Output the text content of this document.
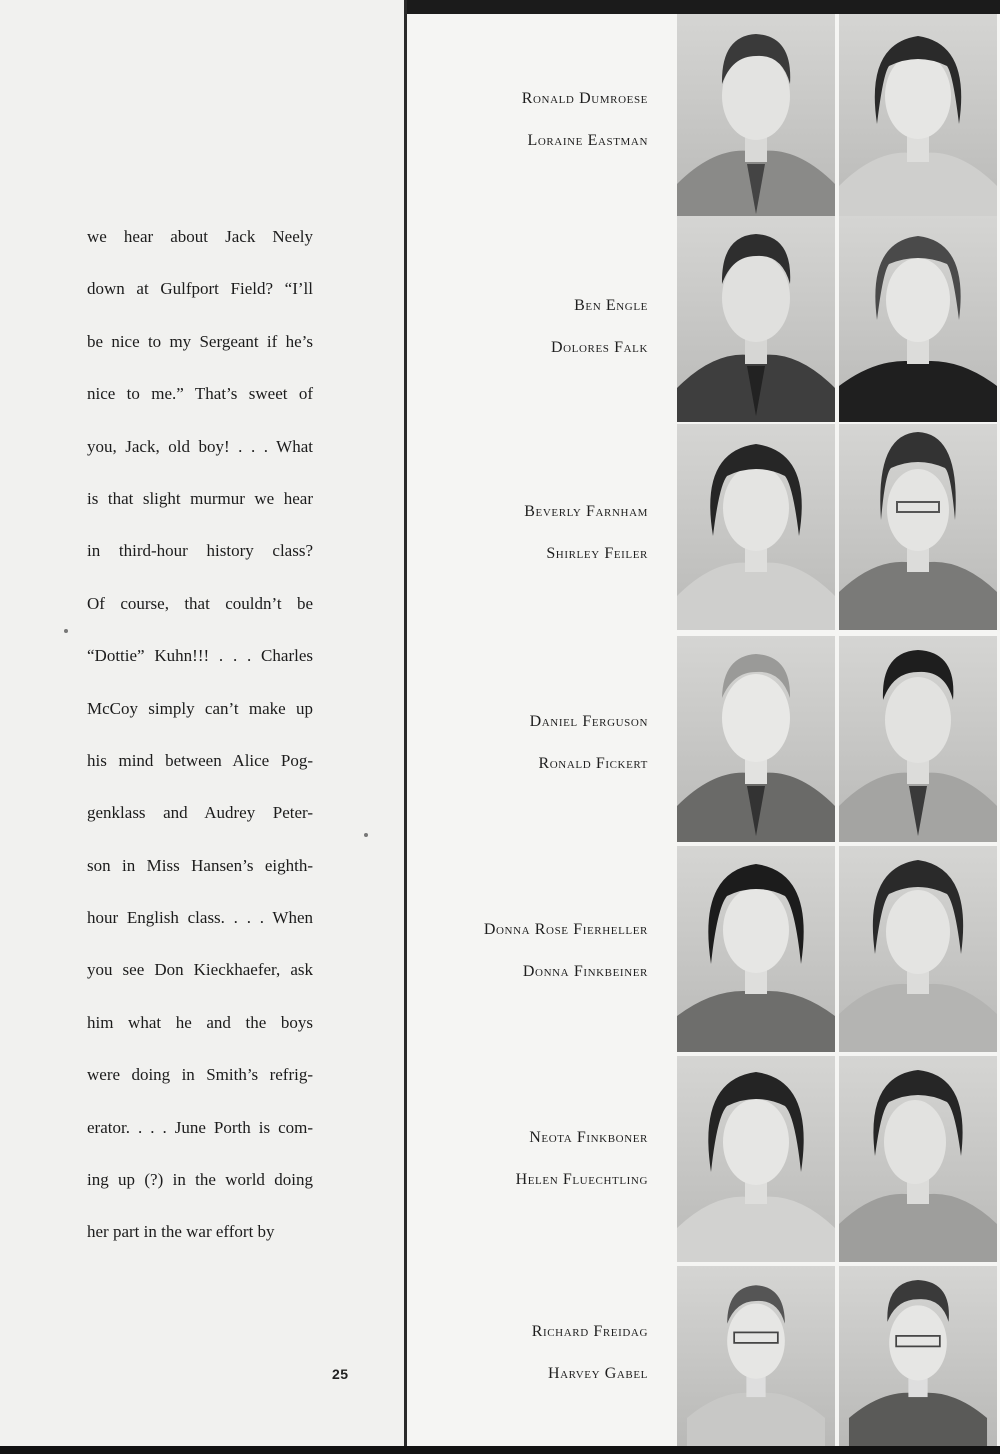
we hear about Jack Neely
down at Gulfport Field? “I’ll
be nice to my Sergeant if he’s
nice to me.” That’s sweet of
you, Jack, old boy! . . . What
is that slight murmur we hear
in third-hour history class?
Of course, that couldn’t be
“Dottie” Kuhn!!! . . . Charles
McCoy simply can’t make up
his mind between Alice Pog-
genklass and Audrey Peter-
son in Miss Hansen’s eighth-
hour English class. . . . When
you see Don Kieckhaefer, ask
him what he and the boys
were doing in Smith’s refrig-
erator. . . . June Porth is com-
ing up (?) in the world doing
her part in the war effort by
25
Ronald Dumroese
Loraine Eastman
Ben Engle
Dolores Falk
Beverly Farnham
Shirley Feiler
Daniel Ferguson
Ronald Fickert
Donna Rose Fierheller
Donna Finkbeiner
Neota Finkboner
Helen Fluechtling
Richard Freidag
Harvey Gabel
